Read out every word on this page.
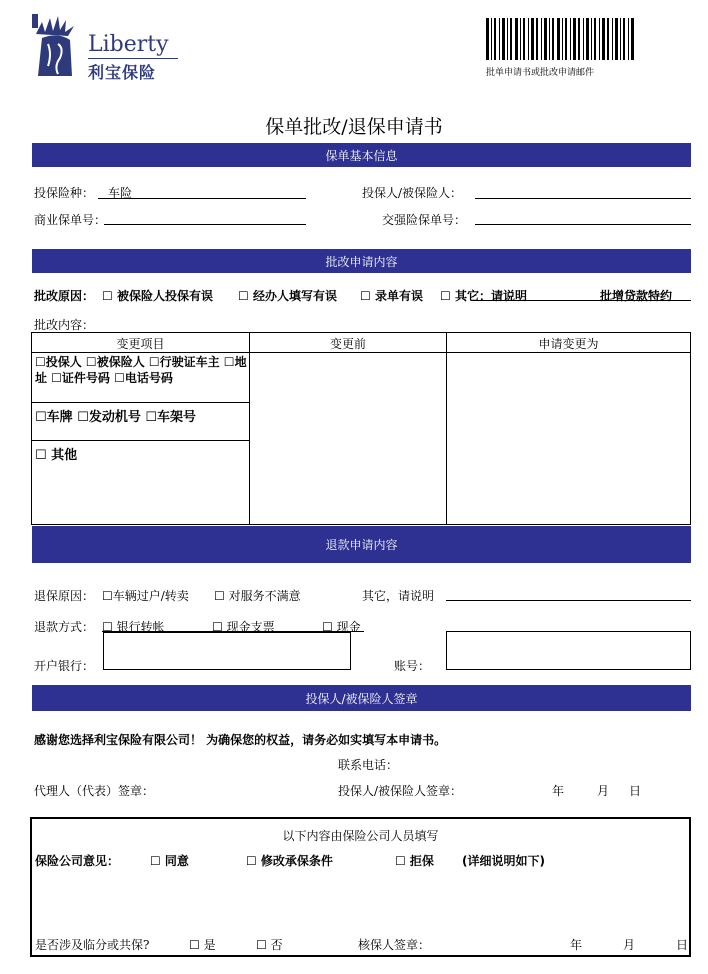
Liberty
利宝保险	批单申请书或批改申请邮件
保单批改/退保申请书
保单基本信息
投保险种： 车险	投保人/被保险人：
商业保单号：	交强险保单号：
批改申请内容
批改原因： ☐ 被保险人投保有误 ☐ 经办人填写有误 ☐ 录单有误 ☐ 其它：请说明	批增贷款特约
批改内容：
变更项目	变更前	申请变更为
☐投保人 ☐被保险人 ☐行驶证车主 ☐地址 ☐证件号码 ☐电话号码
☐车牌 ☐发动机号 ☐车架号
☐ 其他
退款申请内容
退保原因： ☐车辆过户/转卖 ☐ 对服务不满意	其它，请说明
退款方式： ☐ 银行转帐	☐ 现金支票	☐ 现金
开户银行：	账号：
投保人/被保险人签章
感谢您选择利宝保险有限公司！ 为确保您的权益，请务必如实填写本申请书。
联系电话：
代理人（代表）签章：	投保人/被保险人签章：	年	月 日
以下内容由保险公司人员填写
保险公司意见：	☐ 同意	☐ 修改承保条件	☐ 拒保 (详细说明如下)
是否涉及临分或共保?	☐ 是	☐ 否	核保人签章：	年	月	日
